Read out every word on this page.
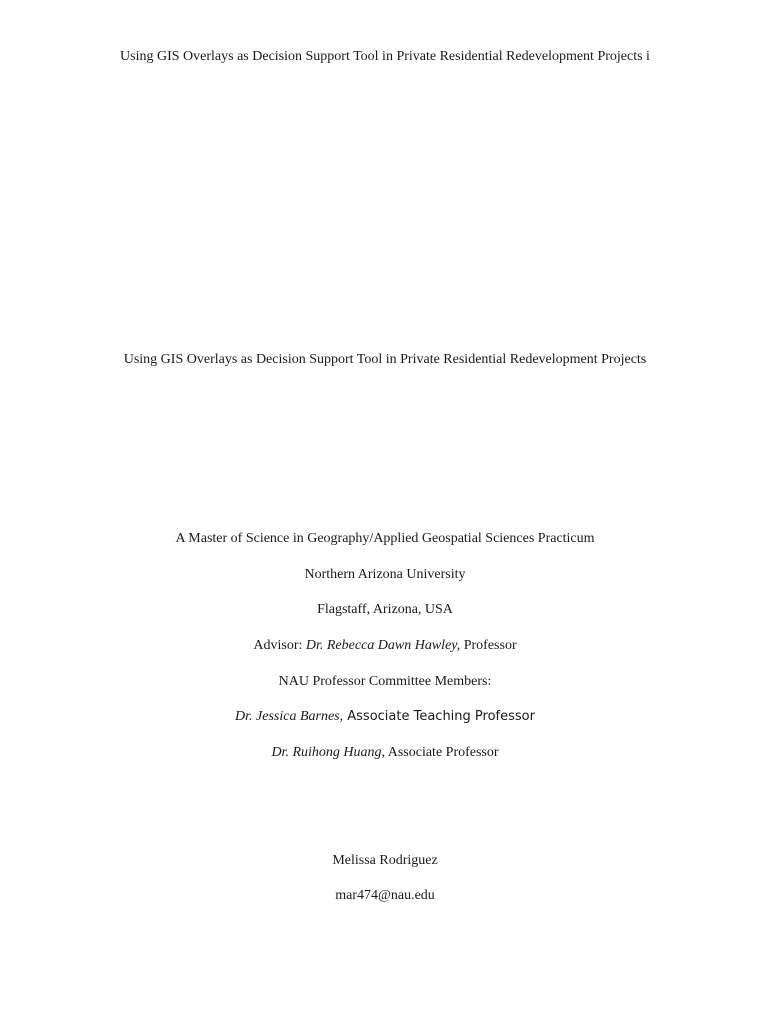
Using GIS Overlays as Decision Support Tool in Private Residential Redevelopment Projects i
Using GIS Overlays as Decision Support Tool in Private Residential Redevelopment Projects
A Master of Science in Geography/Applied Geospatial Sciences Practicum
Northern Arizona University
Flagstaff, Arizona, USA
Advisor: Dr. Rebecca Dawn Hawley, Professor
NAU Professor Committee Members:
Dr. Jessica Barnes, Associate Teaching Professor
Dr. Ruihong Huang, Associate Professor
Melissa Rodriguez
mar474@nau.edu
